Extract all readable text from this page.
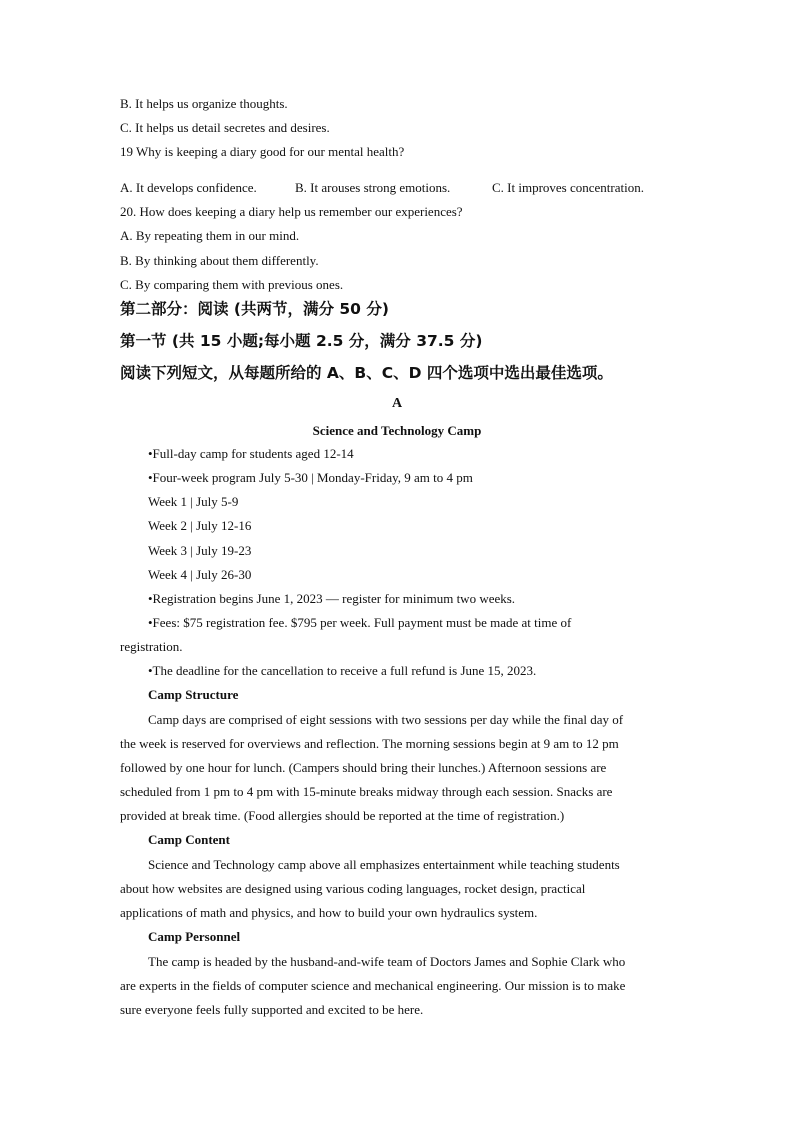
B. It helps us organize thoughts.
C. It helps us detail secretes and desires.
19 Why is keeping a diary good for our mental health?
A. It develops confidence.	B. It arouses strong emotions.	C. It improves concentration.
20. How does keeping a diary help us remember our experiences?
A. By repeating them in our mind.
B. By thinking about them differently.
C. By comparing them with previous ones.
第二部分：阅读 (共两节，满分 50 分)
第一节 (共 15 小题;每小题 2.5 分，满分 37.5 分)
阅读下列短文，从每题所给的 A、B、C、D 四个选项中选出最佳选项。
A
Science and Technology Camp
•Full-day camp for students aged 12-14
•Four-week program July 5-30 | Monday-Friday, 9 am to 4 pm
Week 1 | July 5-9
Week 2 | July 12-16
Week 3 | July 19-23
Week 4 | July 26-30
•Registration begins June 1, 2023 — register for minimum two weeks.
•Fees: $75 registration fee. $795 per week. Full payment must be made at time of
registration.
•The deadline for the cancellation to receive a full refund is June 15, 2023.
Camp Structure
Camp days are comprised of eight sessions with two sessions per day while the final day of
the week is reserved for overviews and reflection. The morning sessions begin at 9 am to 12 pm
followed by one hour for lunch. (Campers should bring their lunches.) Afternoon sessions are
scheduled from 1 pm to 4 pm with 15-minute breaks midway through each session. Snacks are
provided at break time. (Food allergies should be reported at the time of registration.)
Camp Content
Science and Technology camp above all emphasizes entertainment while teaching students
about how websites are designed using various coding languages, rocket design, practical
applications of math and physics, and how to build your own hydraulics system.
Camp Personnel
The camp is headed by the husband-and-wife team of Doctors James and Sophie Clark who
are experts in the fields of computer science and mechanical engineering. Our mission is to make
sure everyone feels fully supported and excited to be here.
